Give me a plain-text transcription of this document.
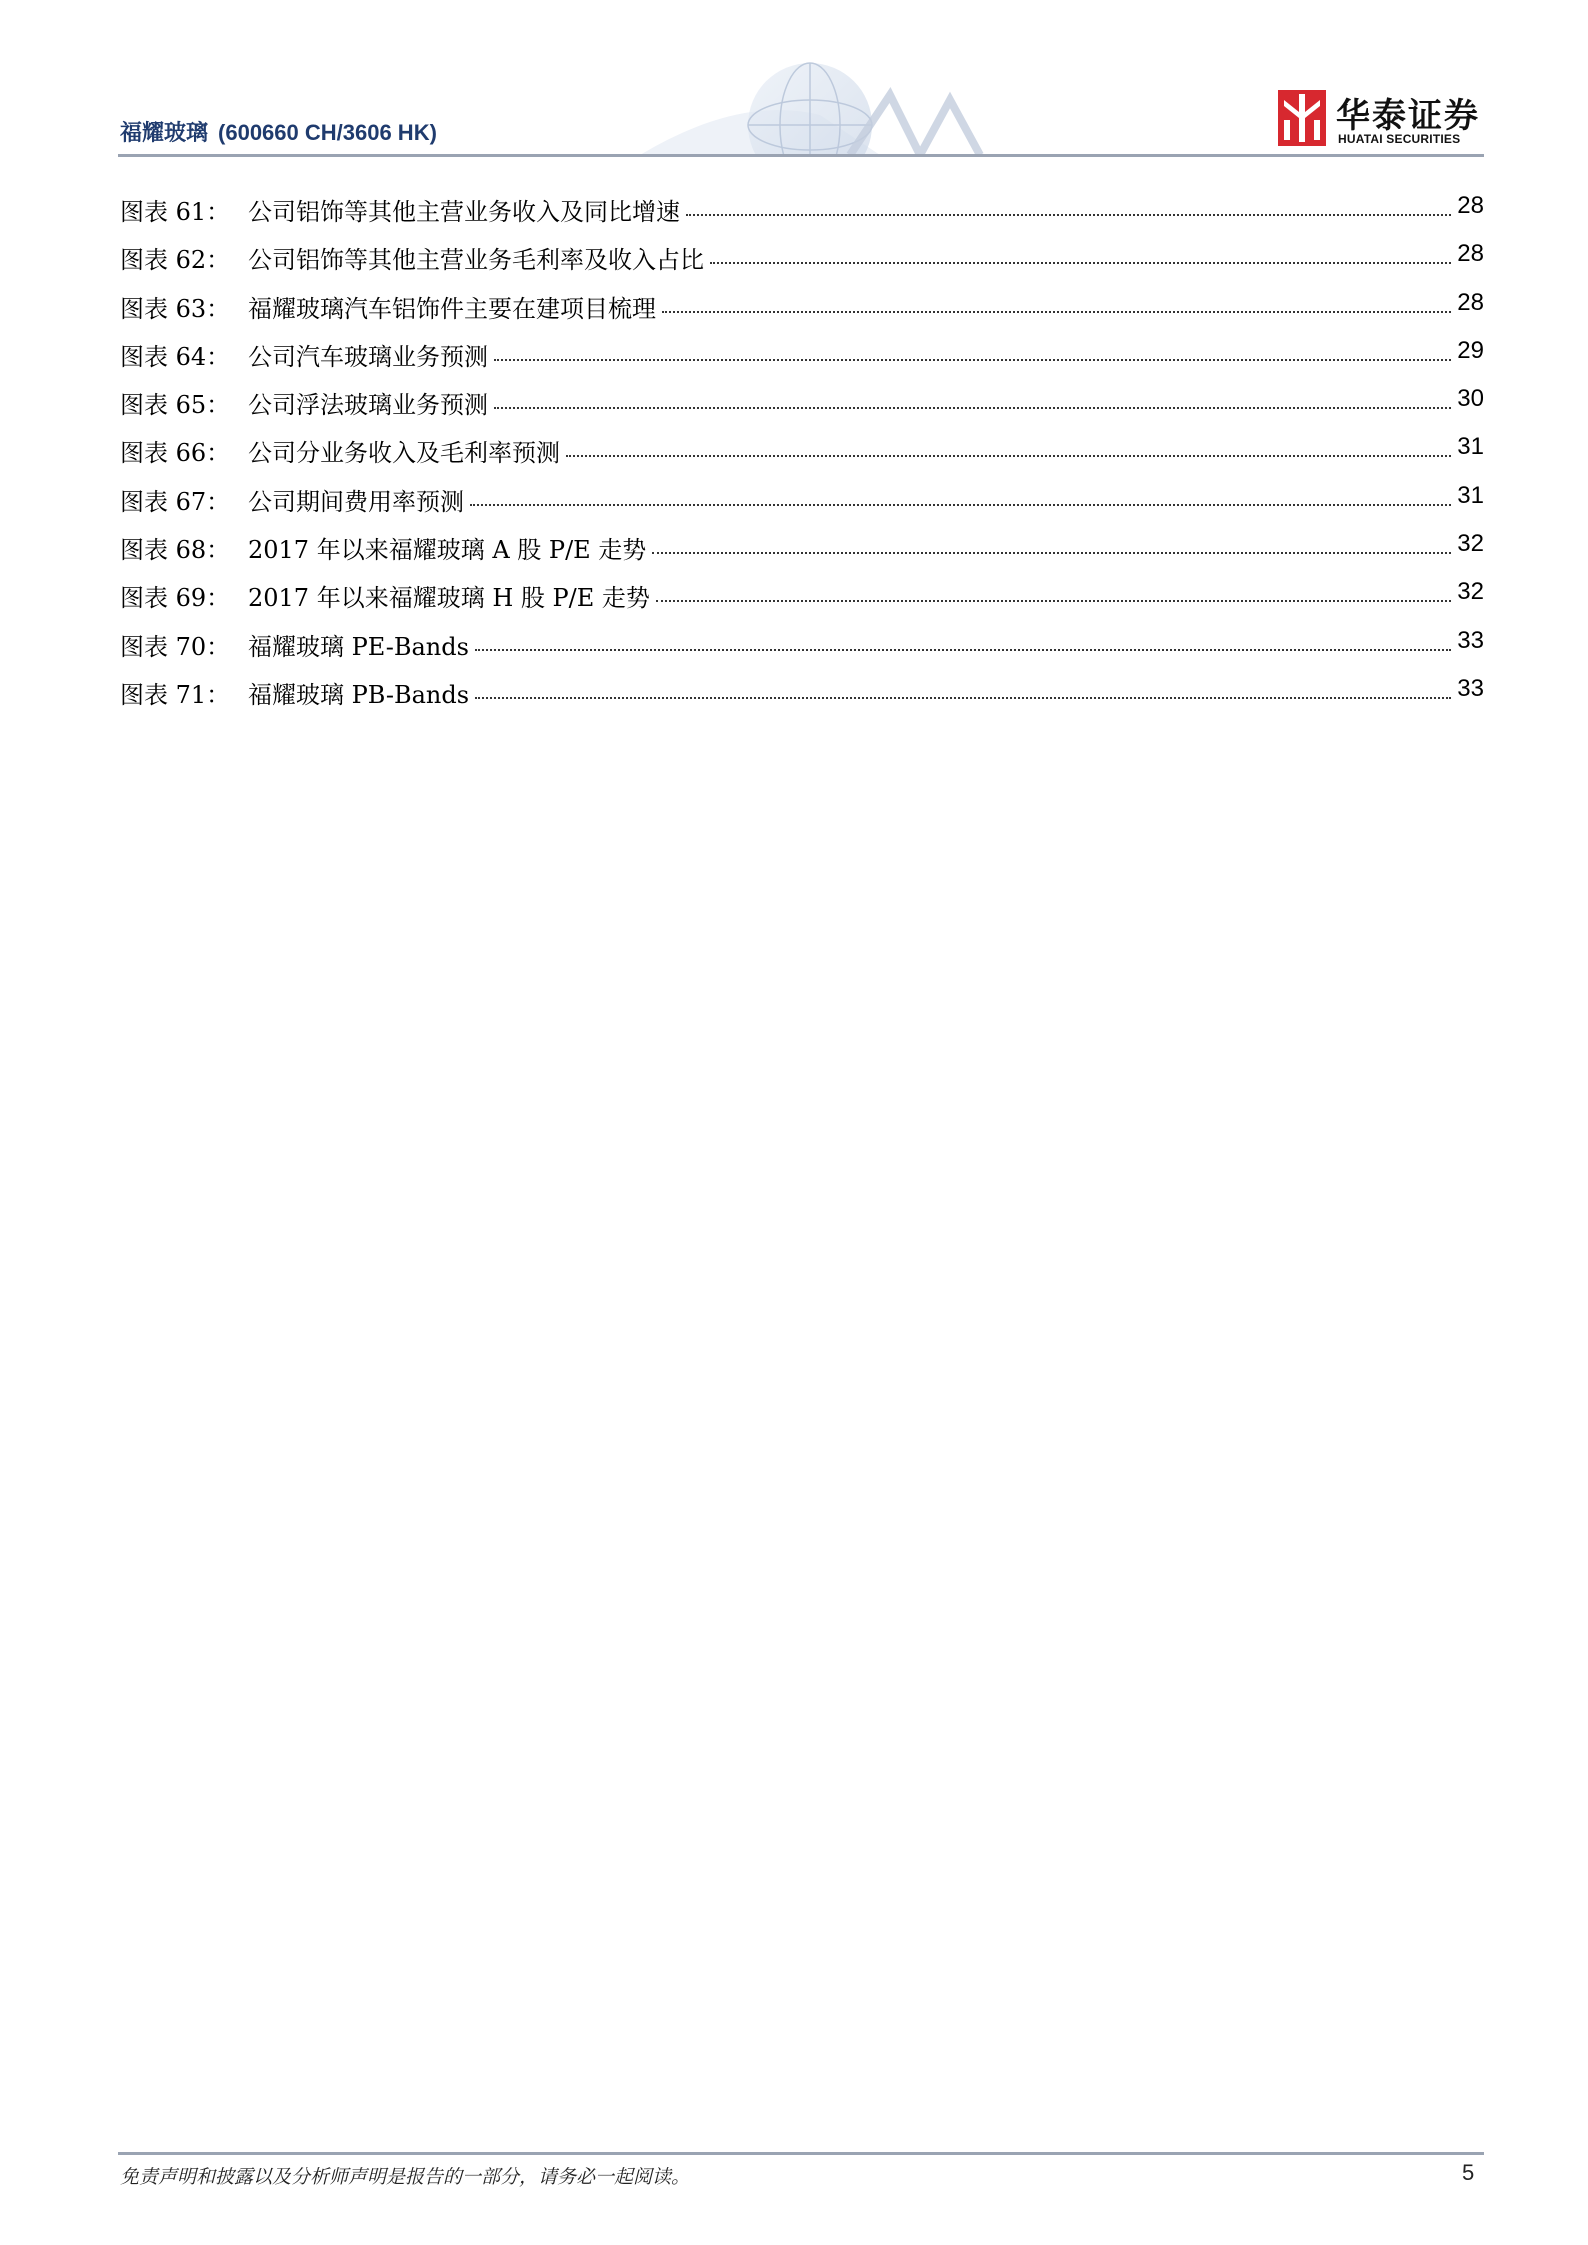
福耀玻璃 (600660 CH/3606 HK)	华泰证券
HUATAI SECURITIES
图表 61： 公司铝饰等其他主营业务收入及同比增速	28
图表 62： 公司铝饰等其他主营业务毛利率及收入占比	28
图表 63： 福耀玻璃汽车铝饰件主要在建项目梳理	28
图表 64： 公司汽车玻璃业务预测	29
图表 65： 公司浮法玻璃业务预测	30
图表 66： 公司分业务收入及毛利率预测	31
图表 67： 公司期间费用率预测	31
图表 68： 2017 年以来福耀玻璃 A 股 P/E 走势	32
图表 69： 2017 年以来福耀玻璃 H 股 P/E 走势	32
图表 70： 福耀玻璃 PE-Bands	33
图表 71： 福耀玻璃 PB-Bands	33
免责声明和披露以及分析师声明是报告的一部分，请务必一起阅读。	5
